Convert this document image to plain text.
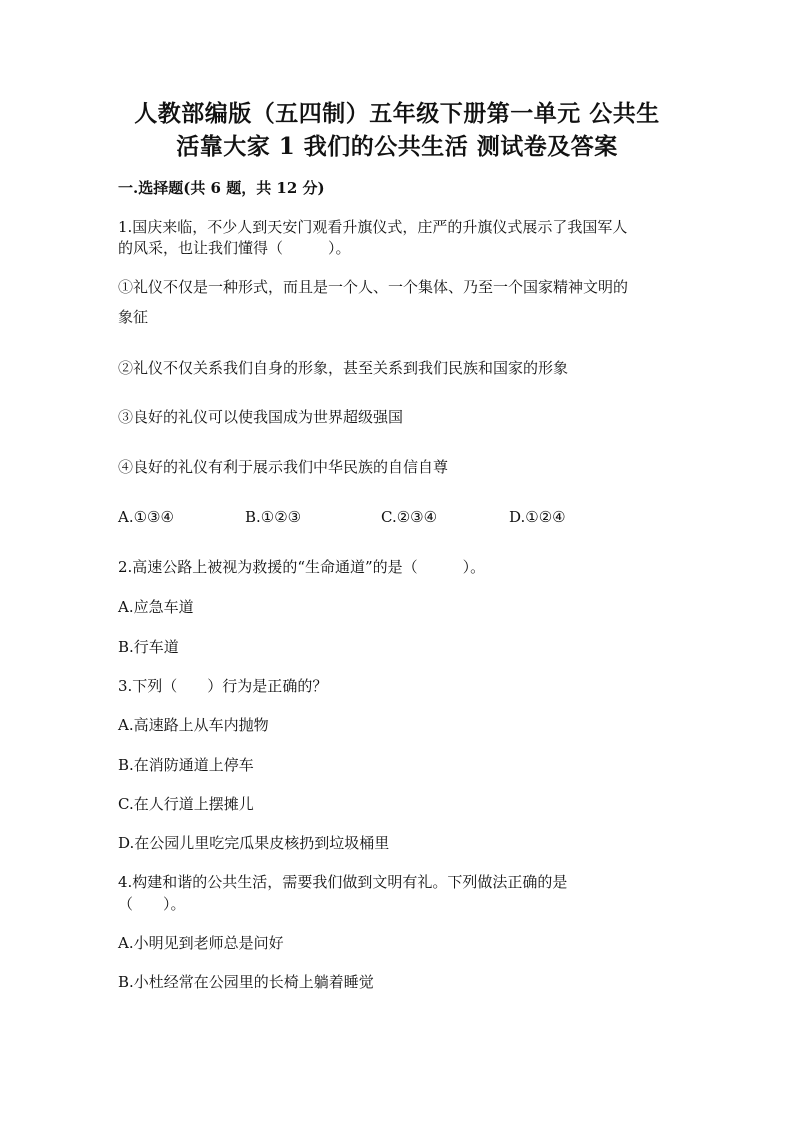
人教部编版（五四制）五年级下册第一单元 公共生
活靠大家 1 我们的公共生活 测试卷及答案
一.选择题(共 6 题，共 12 分)
1.国庆来临，不少人到天安门观看升旗仪式，庄严的升旗仪式展示了我国军人
的风采，也让我们懂得（　　　）。
①礼仪不仅是一种形式，而且是一个人、一个集体、乃至一个国家精神文明的
象征
②礼仪不仅关系我们自身的形象，甚至关系到我们民族和国家的形象
③良好的礼仪可以使我国成为世界超级强国
④良好的礼仪有利于展示我们中华民族的自信自尊
A.①③④	B.①②③	C.②③④	D.①②④
2.高速公路上被视为救援的“生命通道”的是（　　　）。
A.应急车道
B.行车道
3.下列（　　）行为是正确的？
A.高速路上从车内抛物
B.在消防通道上停车
C.在人行道上摆摊儿
D.在公园儿里吃完瓜果皮核扔到垃圾桶里
4.构建和谐的公共生活，需要我们做到文明有礼。下列做法正确的是
（　　）。
A.小明见到老师总是问好
B.小杜经常在公园里的长椅上躺着睡觉
